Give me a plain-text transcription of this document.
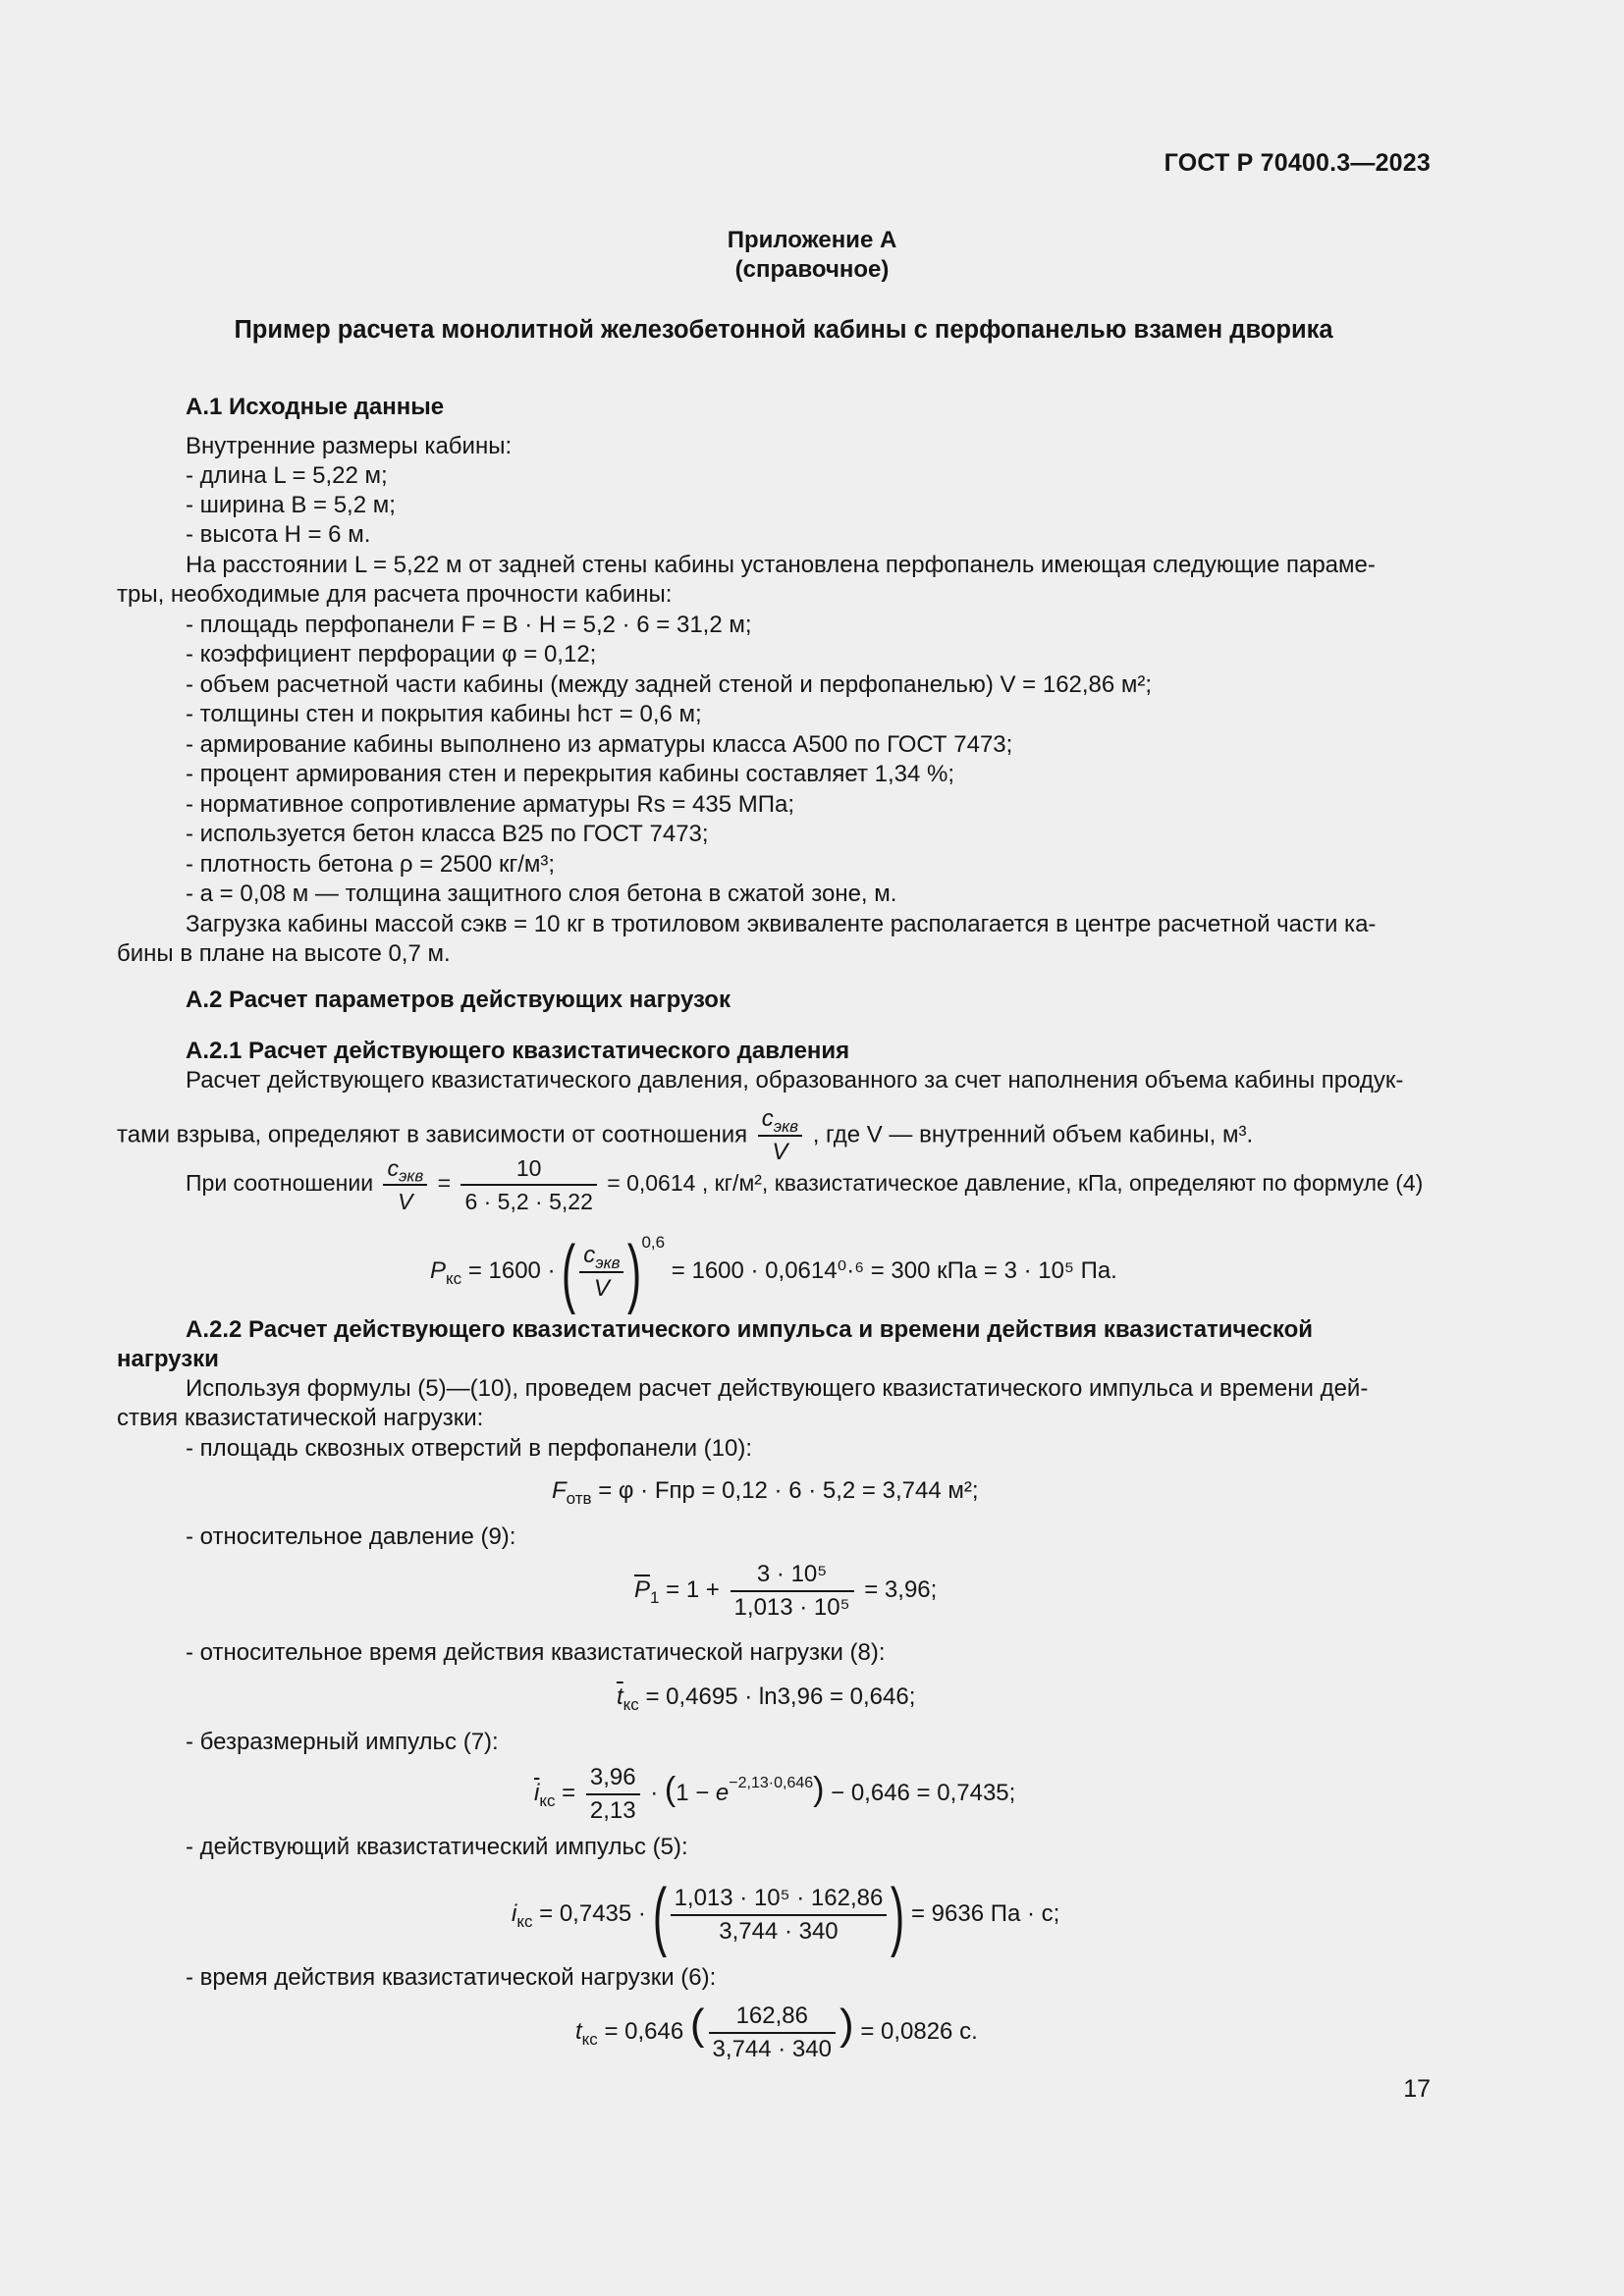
ГОСТ Р 70400.3—2023
Приложение А
(справочное)
Пример расчета монолитной железобетонной кабины с перфопанелью взамен дворика
А.1 Исходные данные
Внутренние размеры кабины:
- длина L = 5,22 м;
- ширина B = 5,2 м;
- высота H = 6 м.
На расстоянии L = 5,22 м от задней стены кабины установлена перфопанель имеющая следующие параме-
тры, необходимые для расчета прочности кабины:
- площадь перфопанели F = B · H = 5,2 · 6 = 31,2 м;
- коэффициент перфорации φ = 0,12;
- объем расчетной части кабины (между задней стеной и перфопанелью) V = 162,86 м²;
- толщины стен и покрытия кабины hст = 0,6 м;
- армирование кабины выполнено из арматуры класса А500 по ГОСТ 7473;
- процент армирования стен и перекрытия кабины составляет 1,34 %;
- нормативное сопротивление арматуры Rs = 435 МПа;
- используется бетон класса В25 по ГОСТ 7473;
- плотность бетона ρ = 2500 кг/м³;
- a = 0,08 м — толщина защитного слоя бетона в сжатой зоне, м.
Загрузка кабины массой cэкв = 10 кг в тротиловом эквиваленте располагается в центре расчетной части ка-
бины в плане на высоте 0,7 м.
А.2 Расчет параметров действующих нагрузок
А.2.1 Расчет действующего квазистатического давления
Расчет действующего квазистатического давления, образованного за счет наполнения объема кабины продук-
тами взрыва, определяют в зависимости от соотношения $\frac{c_{экв}}{V}$ , где V — внутренний объем кабины, м³.
При соотношении $\frac{c_{экв}}{V} = \frac{10}{6 \cdot 5,2 \cdot 5,22} = 0,0614$ , кг/м², квазистатическое давление, кПа, определяют по формуле (4)
$P_{кс} = 1600$ · ( $\frac{c_{экв}}{V} )^{0,6} = 1600 \cdot 0,0614^0\cdot^6 = 300$ кПа = 3 · 10⁵ Па.
А.2.2 Расчет действующего квазистатического импульса и времени действия квазистатической
нагрузки
Используя формулы (5)—(10), проведем расчет действующего квазистатического импульса и времени дей-
ствия квазистатической нагрузки:
- площадь сквозных отверстий в перфопанели (10):
$F_{отв} = \varphi$ · Fпр = 0,12 · 6 · 5,2 = 3,744 м²;
- относительное давление (9):
$\overline{P}_1 = 1 + \frac{\text{3 · 10⁵}}{\text{1,013 · 10⁵}} = 3,96$;
- относительное время действия квазистатической нагрузки (8):
$\overline{t}_{кс} = 0,4695 \cdot \ln 3,96 = 0,646$;
- безразмерный импульс (7):
$\overline{i}_{кс} = \frac{3,96}{2,13} \cdot (1 - e^{-2,13\cdot 0,646}) - 0,646 = 0,7435$;
- действующий квазистатический импульс (5):
$i_{кс} = 0,7435$ · ( $\frac{\text{1,013 · 10⁵ · 162,86}}{3,744 \cdot 340}$ ) = 9636 Па · с;
- время действия квазистатической нагрузки (6):
$t_{кс} = 0,646$ ( $\frac{162,86}{3,744 \cdot 340}$ ) = 0,0826 с.
17
